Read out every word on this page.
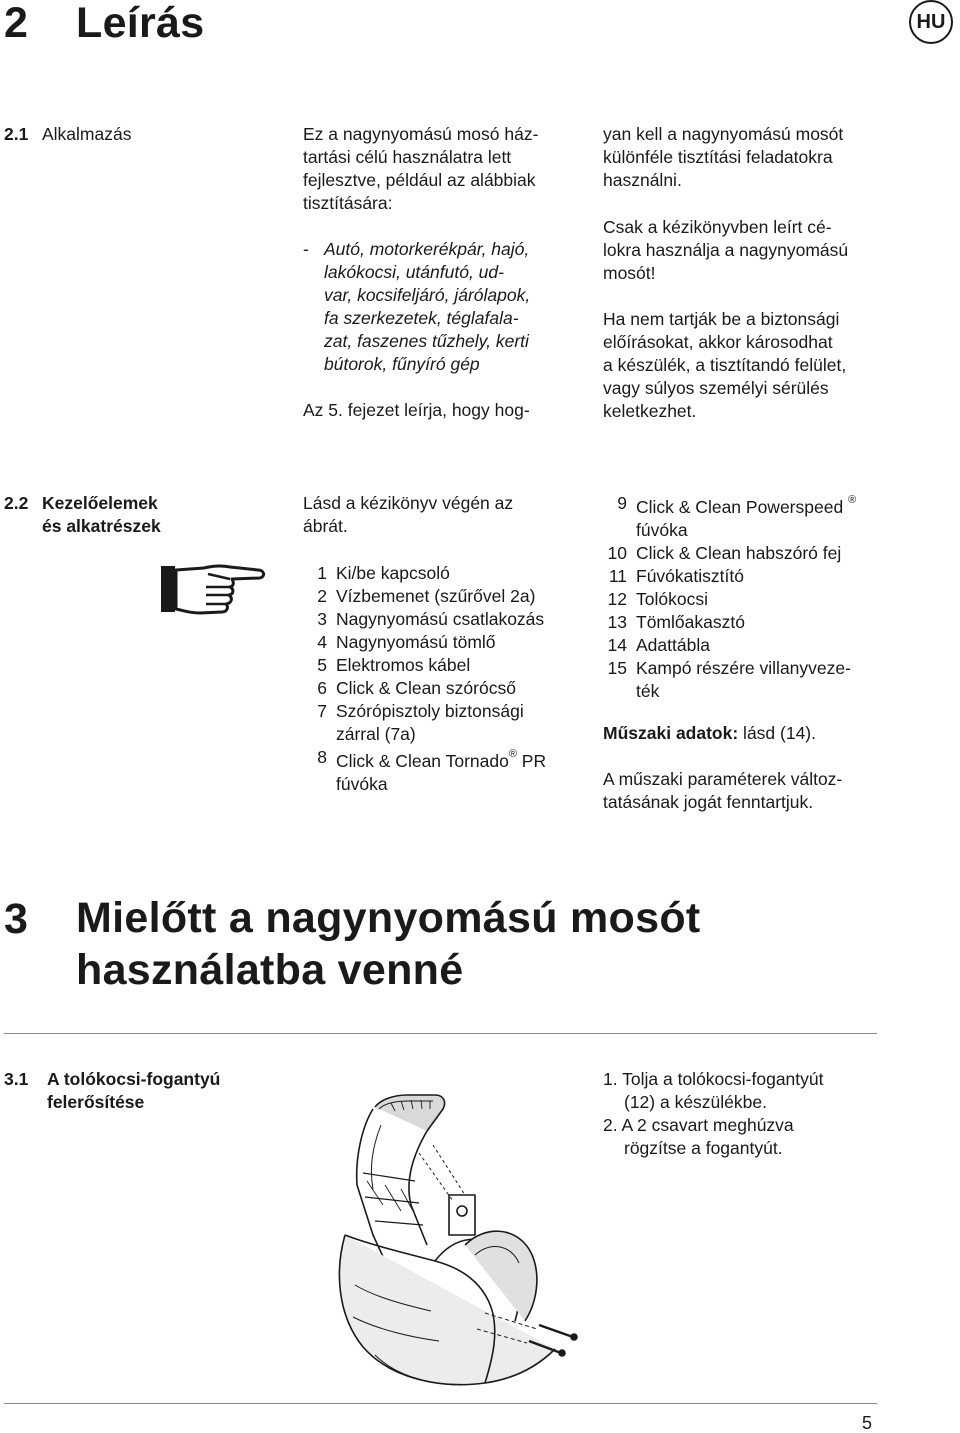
2 Leírás	HU
2.1 Alkalmazás	Ez a nagynyomású mosó ház-
tartási célú használatra lett
fejlesztve, például az alábbiak
tisztítására:
- Autó, motorkerékpár, hajó,
lakókocsi, utánfutó, ud-
var, kocsifeljáró, járólapok,
fa szerkezetek, téglafala-
zat, faszenes tűzhely, kerti
bútorok, fűnyíró gép
Az 5. fejezet leírja, hogy hog-
yan kell a nagynyomású mosót
különféle tisztítási feladatokra
használni.
Csak a kézikönyvben leírt cé-
lokra használja a nagynyomású
mosót!
Ha nem tartják be a biztonsági
előírásokat, akkor károsodhat
a készülék, a tisztítandó felület,
vagy súlyos személyi sérülés
keletkezhet.
2.2 Kezelőelemek
és alkatrészek
Lásd a kézikönyv végén az
ábrát.
1 Ki/be kapcsoló
2 Vízbemenet (szűrővel 2a)
3 Nagynyomású csatlakozás
4 Nagynyomású tömlő
5 Elektromos kábel
6 Click & Clean szórócső
7 Szórópisztoly biztonsági
zárral (7a)
8 Click & Clean Tornado® PR
fúvóka
9 Click & Clean Powerspeed ®
fúvóka
10 Click & Clean habszóró fej
11 Fúvókatisztító
12 Tolókocsi
13 Tömlőakasztó
14 Adattábla
15 Kampó részére villanyveze-
ték
Műszaki adatok: lásd (14).
A műszaki paraméterek változ-
tatásának jogát fenntartjuk.
3 Mielőtt a nagynyomású mosót
használatba venné
3.1 A tolókocsi-fogantyú
felerősítése
1. Tolja a tolókocsi-fogantyút
(12) a készülékbe.
2. A 2 csavart meghúzva
rögzítse a fogantyút.
5
